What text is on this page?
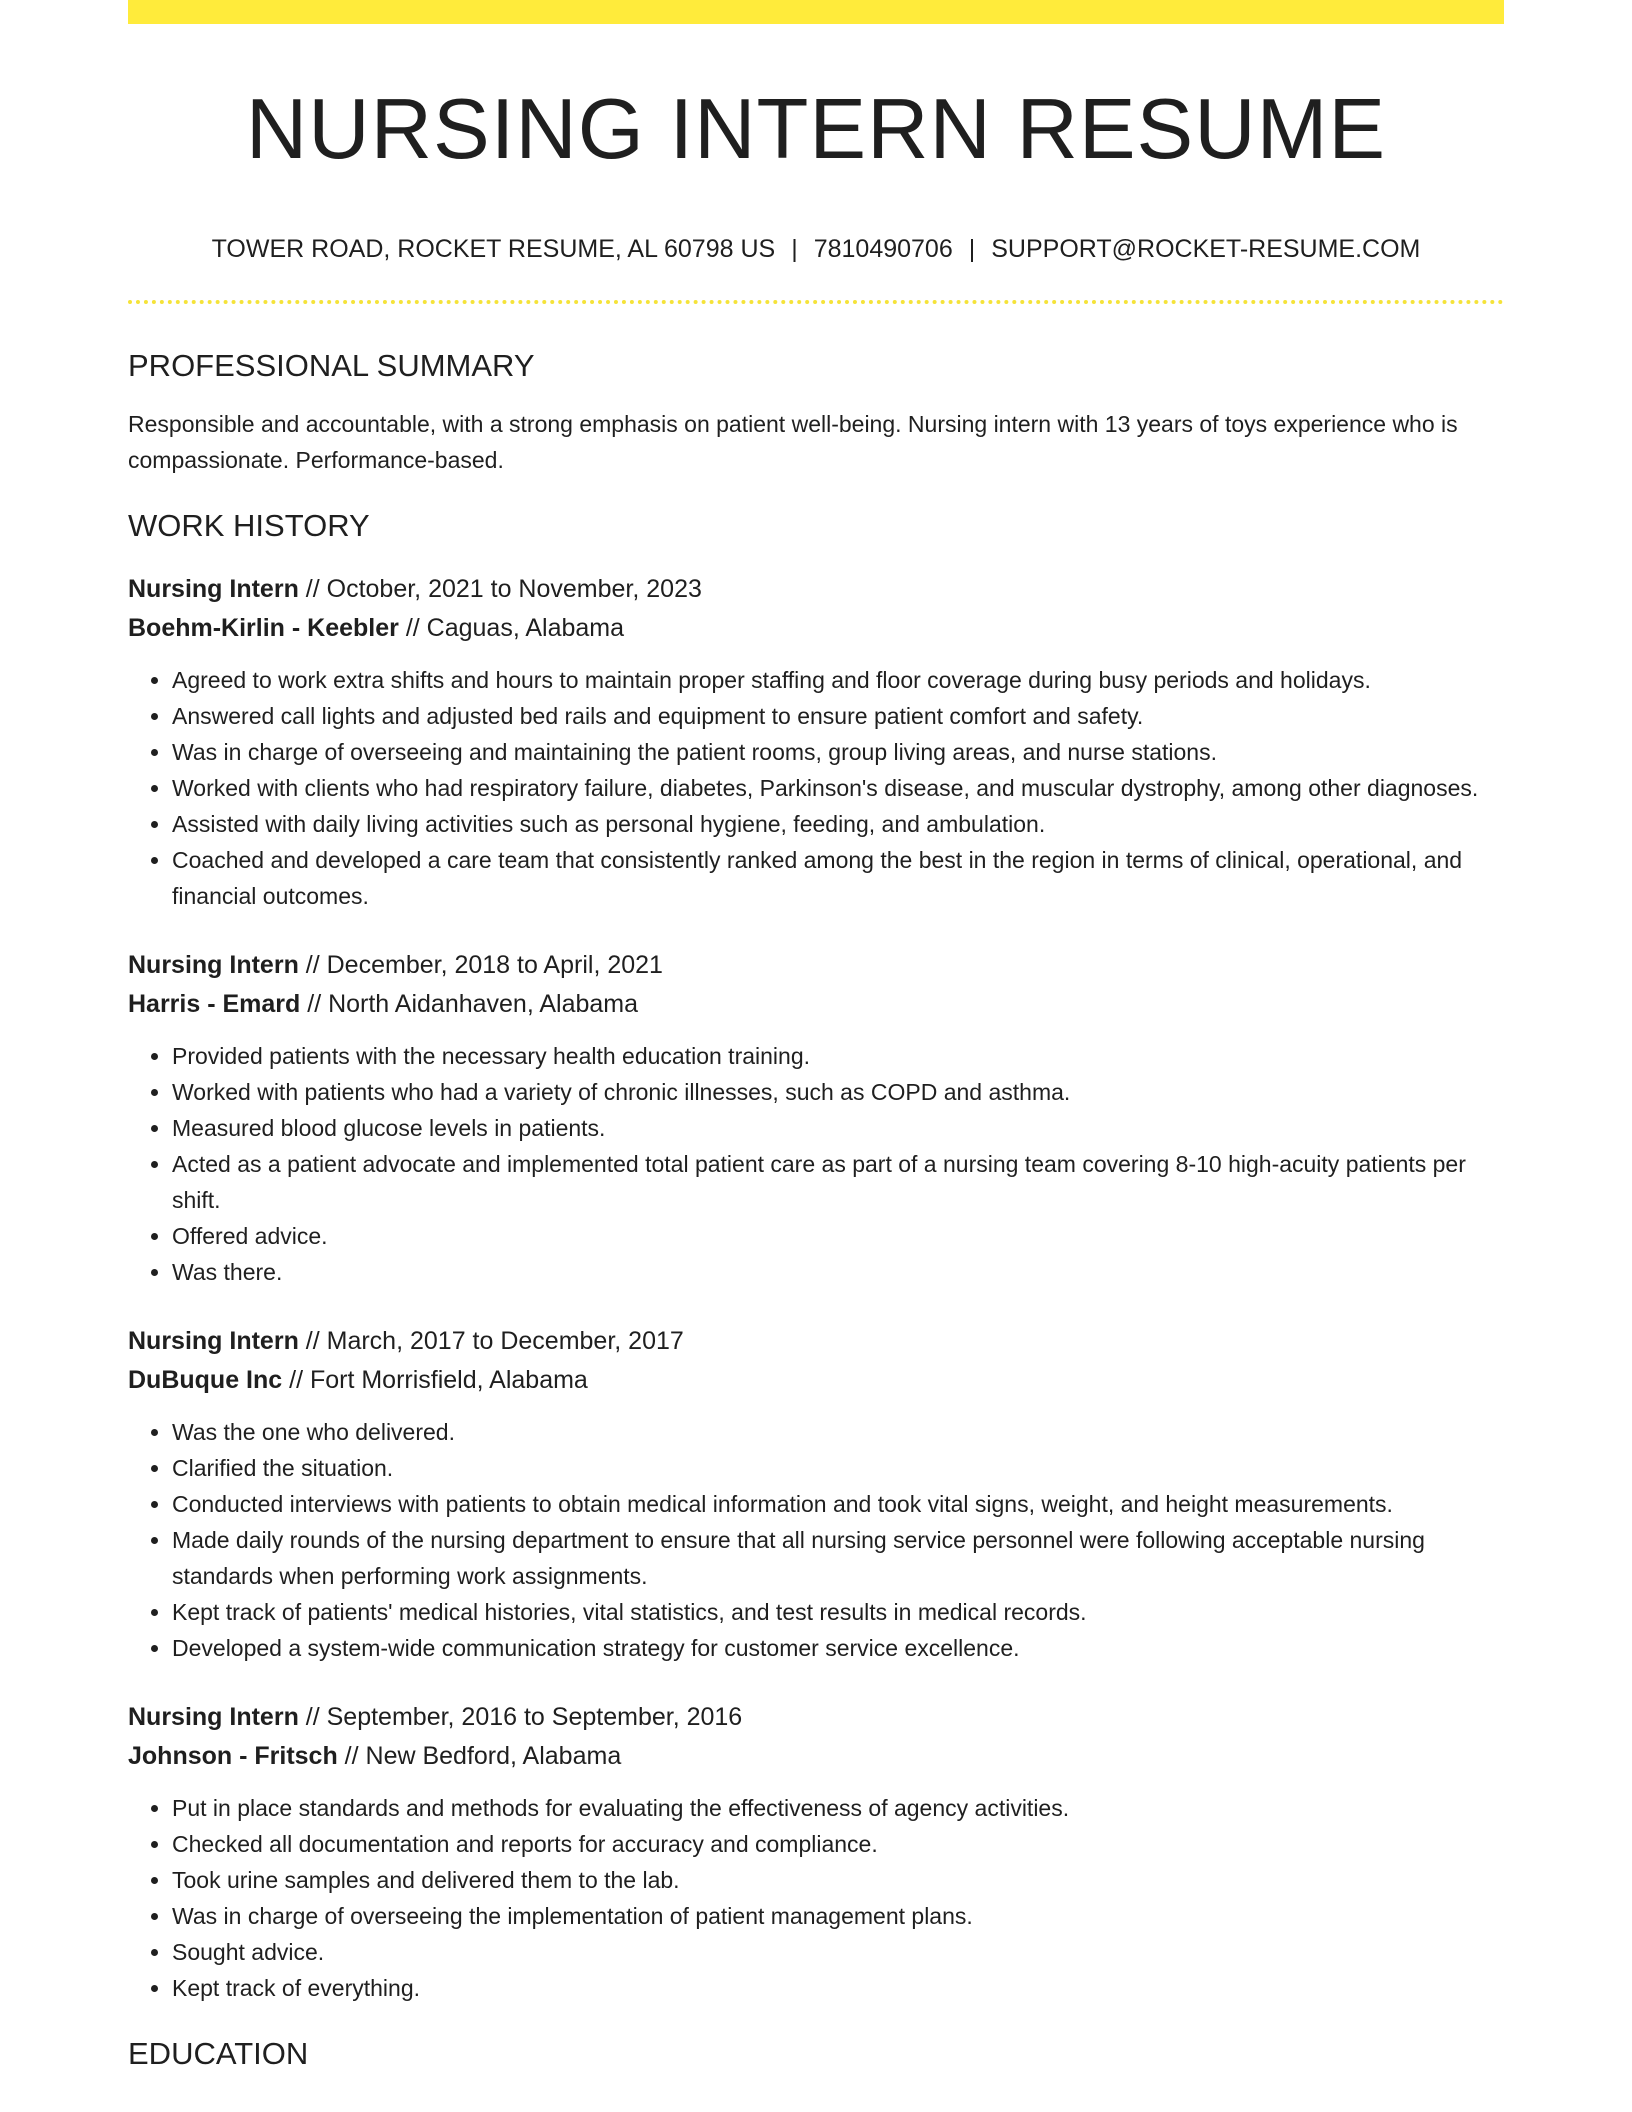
NURSING INTERN RESUME
TOWER ROAD, ROCKET RESUME, AL 60798 US | 7810490706 | SUPPORT@ROCKET-RESUME.COM
PROFESSIONAL SUMMARY

Responsible and accountable, with a strong emphasis on patient well-being. Nursing intern with 13 years of toys experience who is compassionate. Performance-based.

WORK HISTORY
Nursing Intern // October, 2021 to November, 2023
Boehm-Kirlin - Keebler // Caguas, Alabama
• Agreed to work extra shifts and hours to maintain proper staffing and floor coverage during busy periods and holidays.
• Answered call lights and adjusted bed rails and equipment to ensure patient comfort and safety.
• Was in charge of overseeing and maintaining the patient rooms, group living areas, and nurse stations.
• Worked with clients who had respiratory failure, diabetes, Parkinson's disease, and muscular dystrophy, among other diagnoses.
• Assisted with daily living activities such as personal hygiene, feeding, and ambulation.
• Coached and developed a care team that consistently ranked among the best in the region in terms of clinical, operational, and financial outcomes.
Nursing Intern // December, 2018 to April, 2021
Harris - Emard // North Aidanhaven, Alabama
• Provided patients with the necessary health education training.
• Worked with patients who had a variety of chronic illnesses, such as COPD and asthma.
• Measured blood glucose levels in patients.
• Acted as a patient advocate and implemented total patient care as part of a nursing team covering 8-10 high-acuity patients per shift.
• Offered advice.
• Was there.
Nursing Intern // March, 2017 to December, 2017
DuBuque Inc // Fort Morrisfield, Alabama
• Was the one who delivered.
• Clarified the situation.
• Conducted interviews with patients to obtain medical information and took vital signs, weight, and height measurements.
• Made daily rounds of the nursing department to ensure that all nursing service personnel were following acceptable nursing standards when performing work assignments.
• Kept track of patients' medical histories, vital statistics, and test results in medical records.
• Developed a system-wide communication strategy for customer service excellence.
Nursing Intern // September, 2016 to September, 2016
Johnson - Fritsch // New Bedford, Alabama
• Put in place standards and methods for evaluating the effectiveness of agency activities.
• Checked all documentation and reports for accuracy and compliance.
• Took urine samples and delivered them to the lab.
• Was in charge of overseeing the implementation of patient management plans.
• Sought advice.
• Kept track of everything.
EDUCATION
